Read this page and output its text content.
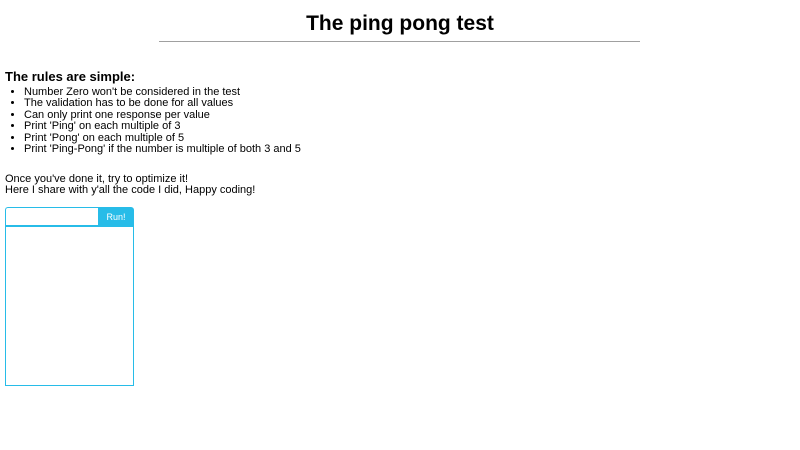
The ping pong test
The rules are simple:
• Number Zero won't be considered in the test
• The validation has to be done for all values
• Can only print one response per value
• Print 'Ping' on each multiple of 3
• Print 'Pong' on each multiple of 5
• Print 'Ping-Pong' if the number is multiple of both 3 and 5
Once you've done it, try to optimize it!
Here I share with y'all the code I did, Happy coding!
Run!
